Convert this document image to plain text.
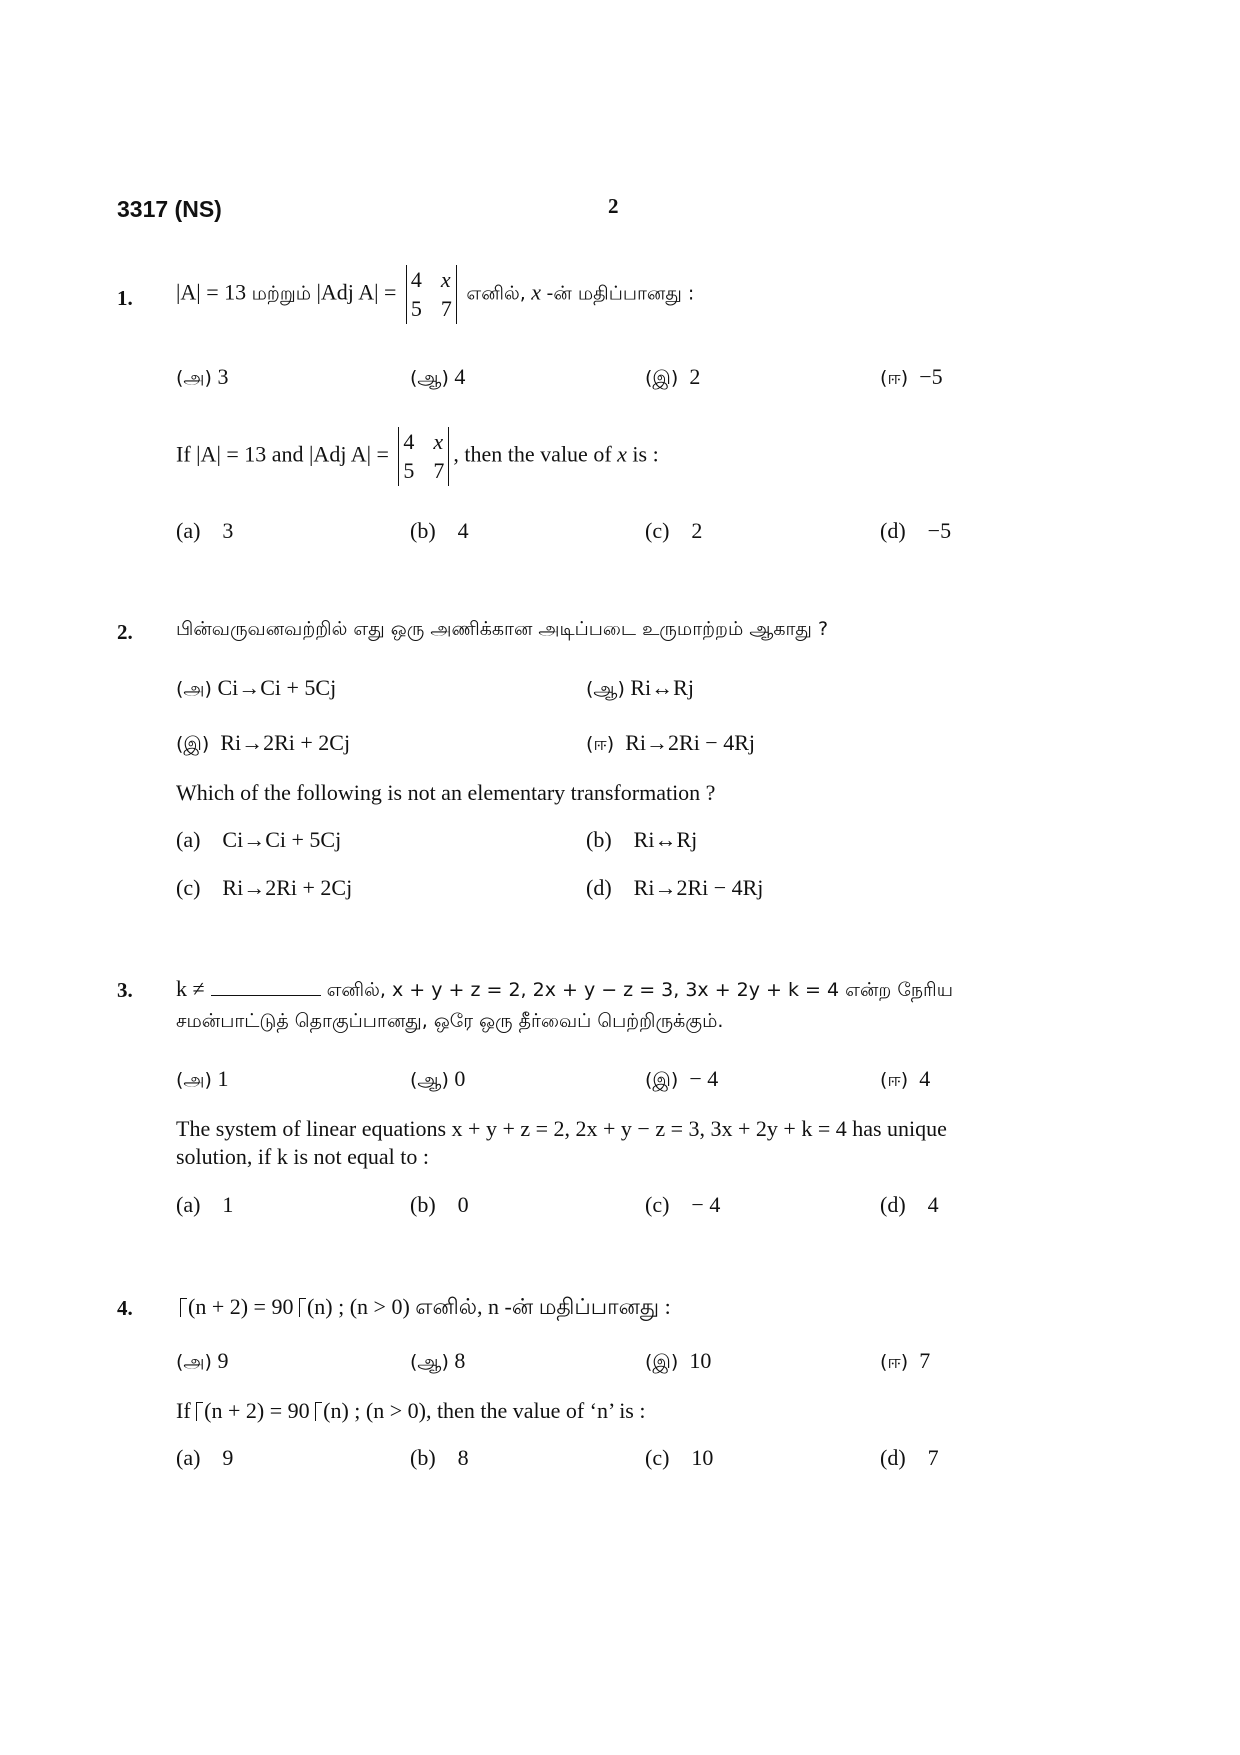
3317 (NS)	2
1. |A| = 13 மற்றும் |Adj A| =
4 x
5 7
எனில், x -ன் மதிப்பானது :
(அ) 3	(ஆ) 4	(இ) 2	(ஈ) −5
If |A| = 13 and |Adj A| =
4 x
5 7
, then the value of x is :
(a) 3	(b) 4	(c) 2	(d) −5
2. பின்வருவனவற்றில் எது ஒரு அணிக்கான அடிப்படை உருமாற்றம் ஆகாது ?
(அ) Ci→Ci + 5Cj	(ஆ) Ri↔Rj
(இ) Ri→2Ri + 2Cj	(ஈ) Ri→2Ri − 4Rj
Which of the following is not an elementary transformation ?
(a) Ci→Ci + 5Cj	(b) Ri↔Rj
(c) Ri→2Ri + 2Cj	(d) Ri→2Ri − 4Rj
3. k ≠	எனில், x + y + z = 2, 2x + y − z = 3, 3x + 2y + k = 4 என்ற நேரிய
சமன்பாட்டுத் தொகுப்பானது, ஒரே ஒரு தீர்வைப் பெற்றிருக்கும்.
(அ) 1	(ஆ) 0	(இ) − 4	(ஈ) 4
The system of linear equations x + y + z = 2, 2x + y − z = 3, 3x + 2y + k = 4 has unique
solution, if k is not equal to :
(a) 1	(b) 0	(c) − 4	(d) 4
4.	(n + 2) = 90 (n) ; (n > 0) எனில், n -ன் மதிப்பானது :
(அ) 9	(ஆ) 8	(இ) 10	(ஈ) 7
If (n + 2) = 90 (n) ; (n > 0), then the value of ‘n’ is :
(a) 9	(b) 8	(c) 10	(d) 7
